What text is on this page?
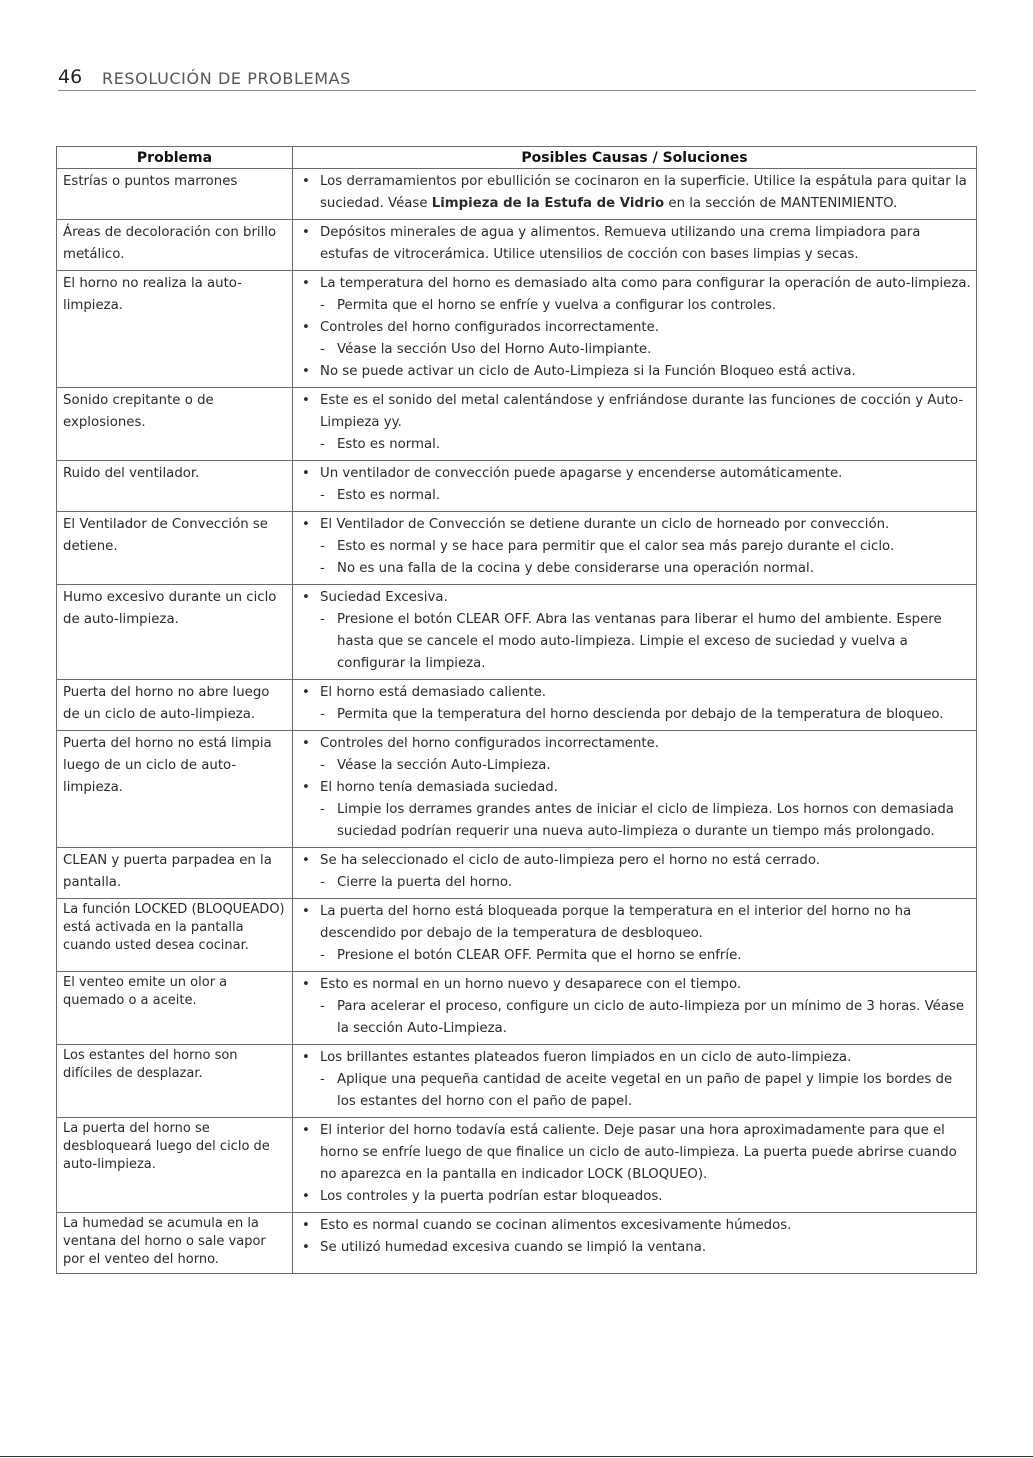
46 RESOLUCIÓN DE PROBLEMAS
Problema	Posibles Causas / Soluciones
Estrías o puntos marrones	• Los derramamientos por ebullición se cocinaron en la superficie. Utilice la espátula para quitar la suciedad. Véase Limpieza de la Estufa de Vidrio en la sección de MANTENIMIENTO.

Áreas de decoloración con brillo metálico.	• Depósitos minerales de agua y alimentos. Remueva utilizando una crema limpiadora para estufas de vitrocerámica. Utilice utensilios de cocción con bases limpias y secas.

El horno no realiza la auto-limpieza.	• La temperatura del horno es demasiado alta como para configurar la operación de auto-limpieza.
- Permita que el horno se enfríe y vuelva a configurar los controles.
• Controles del horno configurados incorrectamente.
- Véase la sección Uso del Horno Auto-limpiante.
• No se puede activar un ciclo de Auto-Limpieza si la Función Bloqueo está activa.

Sonido crepitante o de explosiones.	• Este es el sonido del metal calentándose y enfriándose durante las funciones de cocción y Auto-Limpieza yy.
- Esto es normal.

Ruido del ventilador.	• Un ventilador de convección puede apagarse y encenderse automáticamente.
- Esto es normal.

El Ventilador de Convección se detiene.	• El Ventilador de Convección se detiene durante un ciclo de horneado por convección.
- Esto es normal y se hace para permitir que el calor sea más parejo durante el ciclo.
- No es una falla de la cocina y debe considerarse una operación normal.

Humo excesivo durante un ciclo de auto-limpieza.	• Suciedad Excesiva.
- Presione el botón CLEAR OFF. Abra las ventanas para liberar el humo del ambiente. Espere hasta que se cancele el modo auto-limpieza. Limpie el exceso de suciedad y vuelva a configurar la limpieza.

Puerta del horno no abre luego de un ciclo de auto-limpieza.	• El horno está demasiado caliente.
- Permita que la temperatura del horno descienda por debajo de la temperatura de bloqueo.

Puerta del horno no está limpia luego de un ciclo de auto-limpieza.	• Controles del horno configurados incorrectamente.
- Véase la sección Auto-Limpieza.
• El horno tenía demasiada suciedad.
- Limpie los derrames grandes antes de iniciar el ciclo de limpieza. Los hornos con demasiada suciedad podrían requerir una nueva auto-limpieza o durante un tiempo más prolongado.

CLEAN y puerta parpadea en la pantalla.	• Se ha seleccionado el ciclo de auto-limpieza pero el horno no está cerrado.
- Cierre la puerta del horno.

La función LOCKED (BLOQUEADO) está activada en la pantalla cuando usted desea cocinar.	• La puerta del horno está bloqueada porque la temperatura en el interior del horno no ha descendido por debajo de la temperatura de desbloqueo.
- Presione el botón CLEAR OFF. Permita que el horno se enfríe.

El venteo emite un olor a quemado o a aceite.	• Esto es normal en un horno nuevo y desaparece con el tiempo.
- Para acelerar el proceso, configure un ciclo de auto-limpieza por un mínimo de 3 horas. Véase la sección Auto-Limpieza.

Los estantes del horno son difíciles de desplazar.	• Los brillantes estantes plateados fueron limpiados en un ciclo de auto-limpieza.
- Aplique una pequeña cantidad de aceite vegetal en un paño de papel y limpie los bordes de los estantes del horno con el paño de papel.

La puerta del horno se desbloqueará luego del ciclo de auto-limpieza.	• El interior del horno todavía está caliente. Deje pasar una hora aproximadamente para que el horno se enfríe luego de que finalice un ciclo de auto-limpieza. La puerta puede abrirse cuando no aparezca en la pantalla en indicador LOCK (BLOQUEO).
• Los controles y la puerta podrían estar bloqueados.

La humedad se acumula en la ventana del horno o sale vapor por el venteo del horno.	• Esto es normal cuando se cocinan alimentos excesivamente húmedos.
• Se utilizó humedad excesiva cuando se limpió la ventana.
